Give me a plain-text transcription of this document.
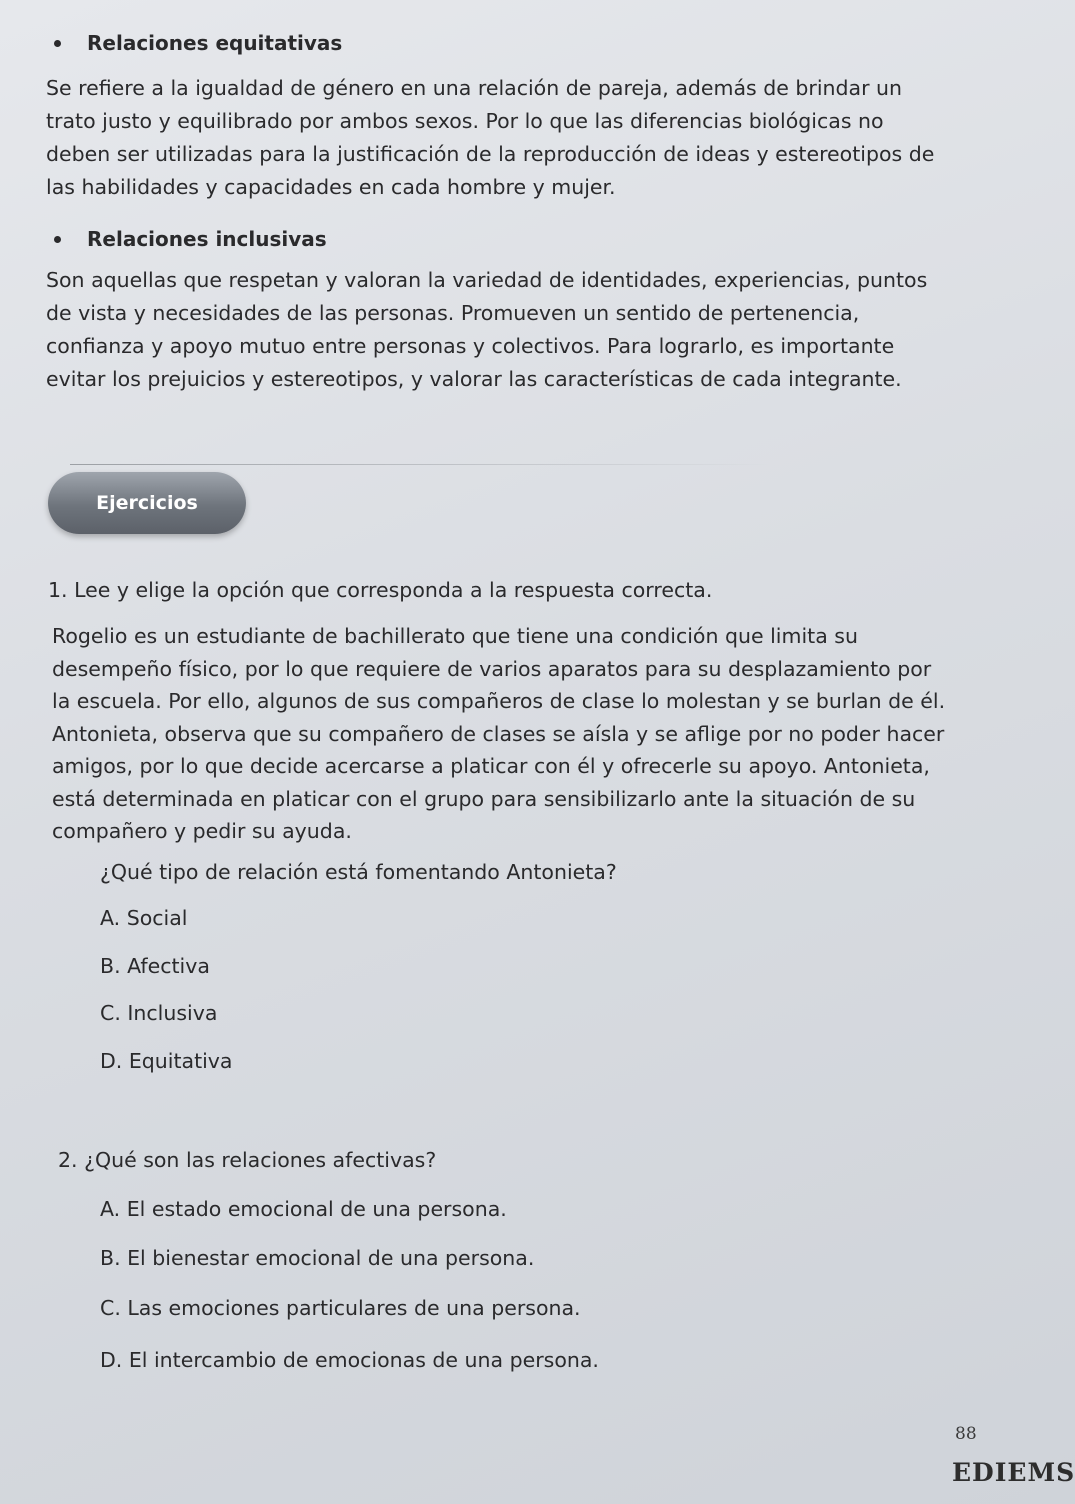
Relaciones equitativas
Se refiere a la igualdad de género en una relación de pareja, además de brindar un
trato justo y equilibrado por ambos sexos. Por lo que las diferencias biológicas no
deben ser utilizadas para la justificación de la reproducción de ideas y estereotipos de
las habilidades y capacidades en cada hombre y mujer.
Relaciones inclusivas
Son aquellas que respetan y valoran la variedad de identidades, experiencias, puntos
de vista y necesidades de las personas. Promueven un sentido de pertenencia,
confianza y apoyo mutuo entre personas y colectivos. Para lograrlo, es importante
evitar los prejuicios y estereotipos, y valorar las características de cada integrante.
Ejercicios
1. Lee y elige la opción que corresponda a la respuesta correcta.
Rogelio es un estudiante de bachillerato que tiene una condición que limita su
desempeño físico, por lo que requiere de varios aparatos para su desplazamiento por
la escuela. Por ello, algunos de sus compañeros de clase lo molestan y se burlan de él.
Antonieta, observa que su compañero de clases se aísla y se aflige por no poder hacer
amigos, por lo que decide acercarse a platicar con él y ofrecerle su apoyo. Antonieta,
está determinada en platicar con el grupo para sensibilizarlo ante la situación de su
compañero y pedir su ayuda.
¿Qué tipo de relación está fomentando Antonieta?
A. Social
B. Afectiva
C. Inclusiva
D. Equitativa
2. ¿Qué son las relaciones afectivas?
A. El estado emocional de una persona.
B. El bienestar emocional de una persona.
C. Las emociones particulares de una persona.
D. El intercambio de emocionas de una persona.
88
EDIEMS
